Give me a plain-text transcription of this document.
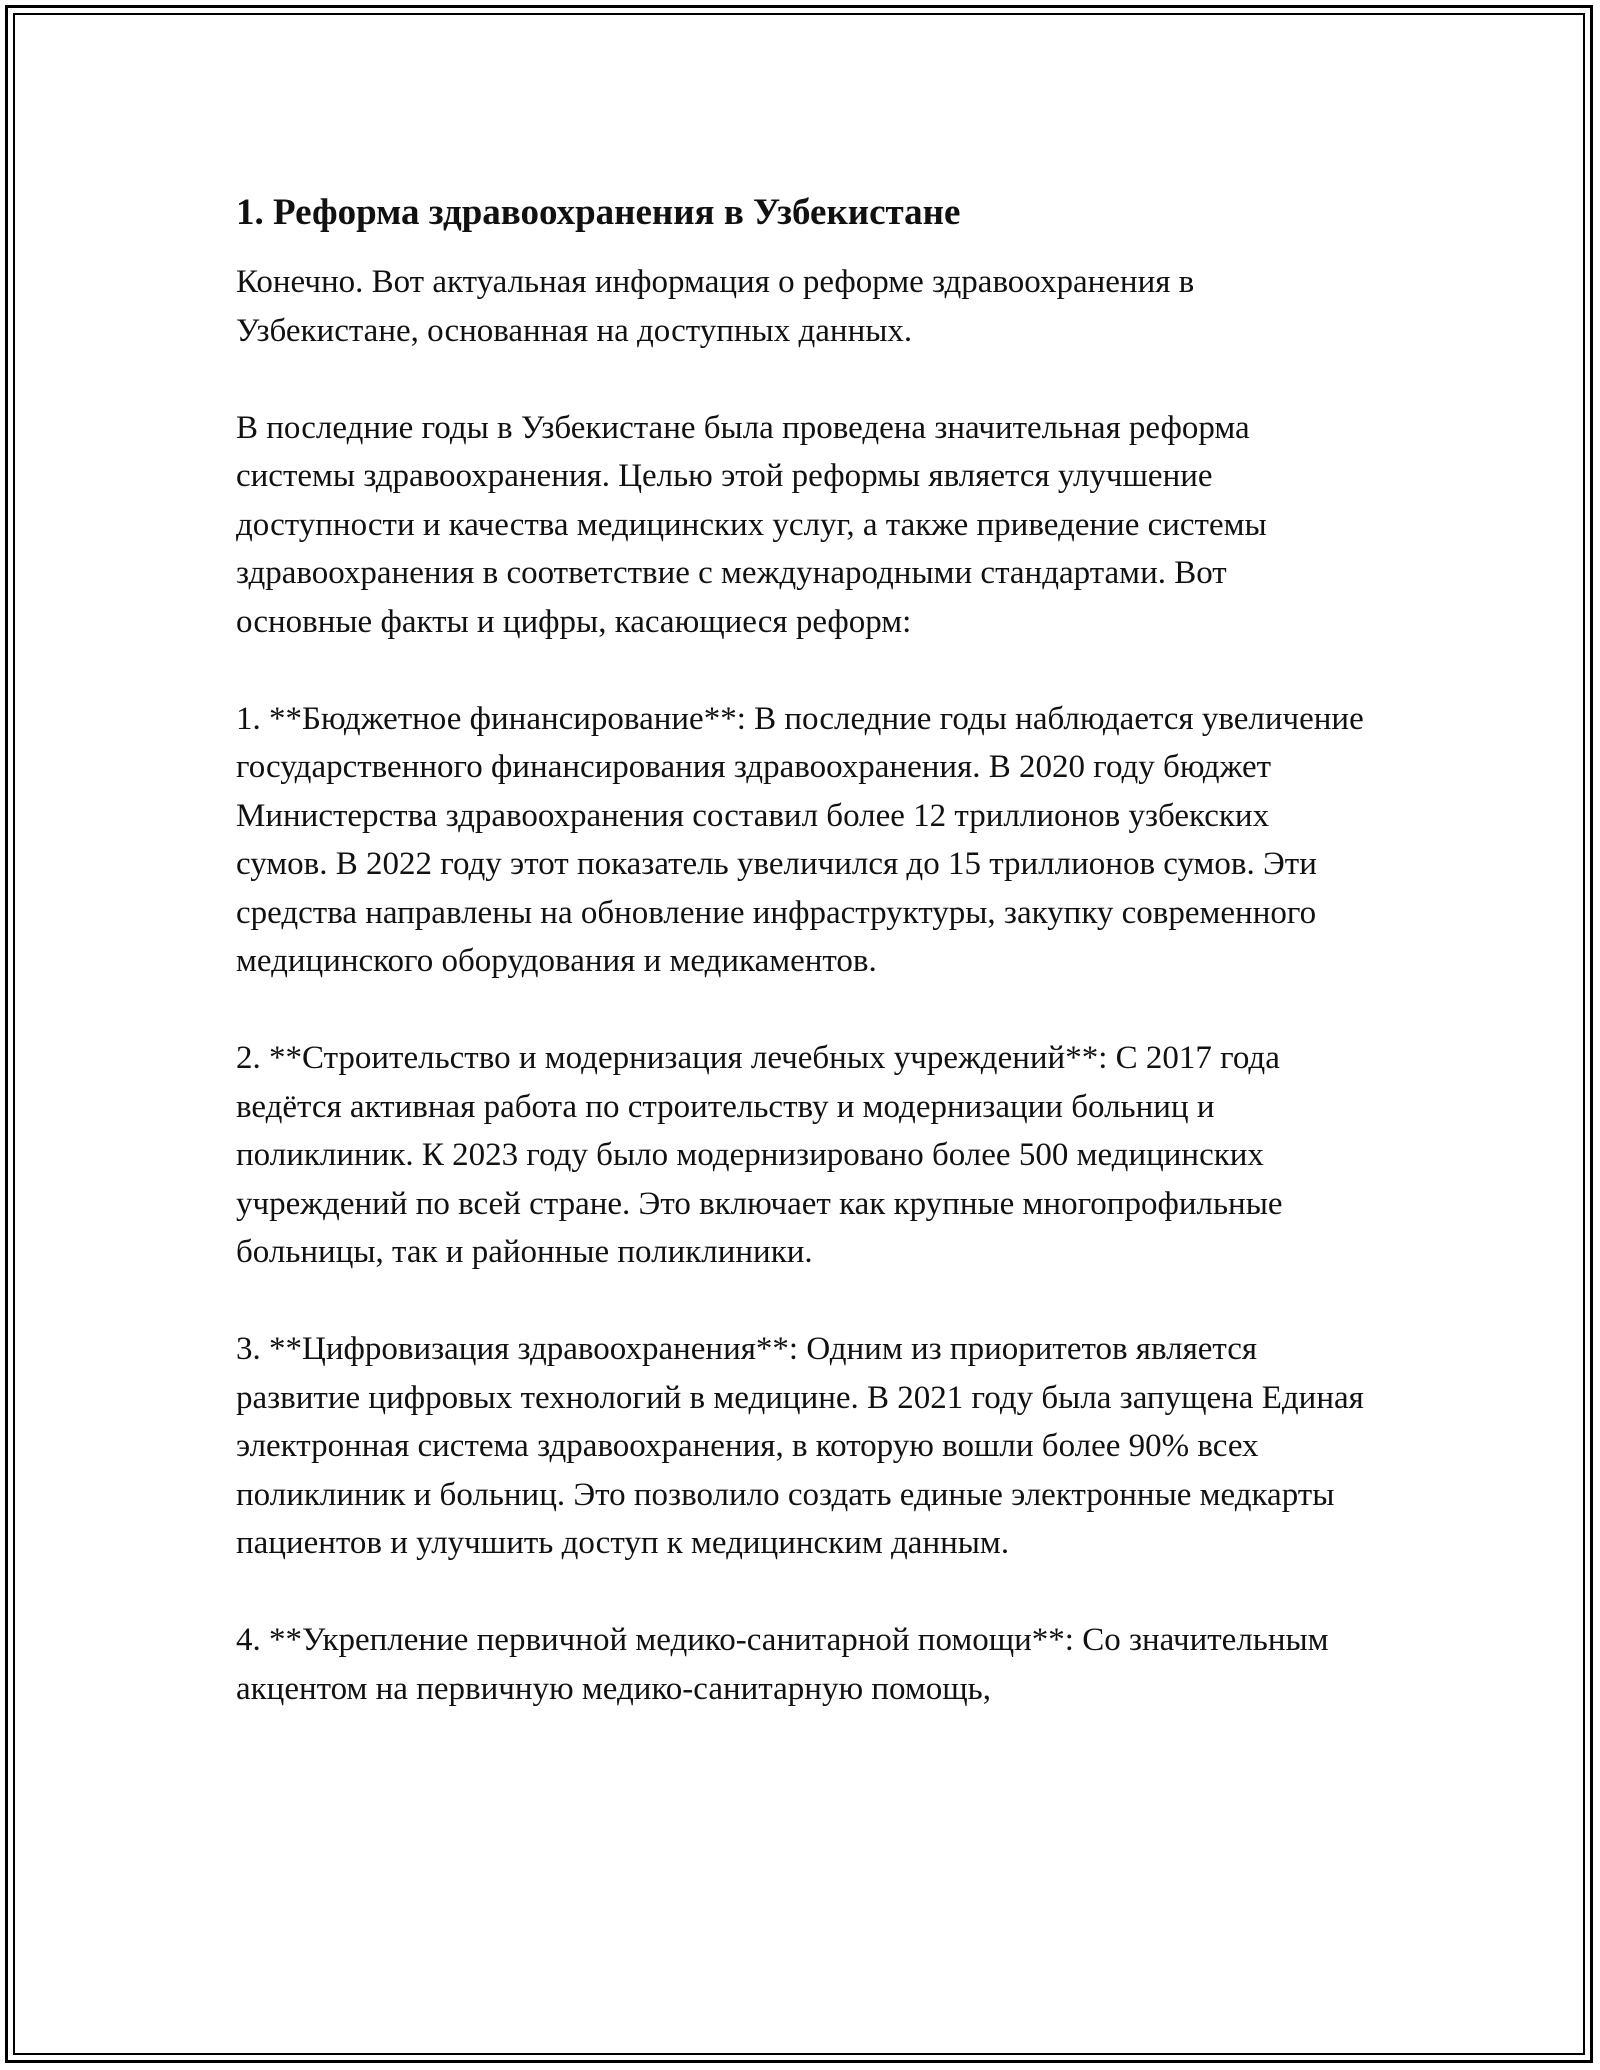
1. Реформа здравоохранения в Узбекистане

Конечно. Вот актуальная информация о реформе здравоохранения в Узбекистане, основанная на доступных данных.

В последние годы в Узбекистане была проведена значительная реформа системы здравоохранения. Целью этой реформы является улучшение доступности и качества медицинских услуг, а также приведение системы здравоохранения в соответствие с международными стандартами. Вот основные факты и цифры, касающиеся реформ:

1. **Бюджетное финансирование**: В последние годы наблюдается увеличение государственного финансирования здравоохранения. В 2020 году бюджет Министерства здравоохранения составил более 12 триллионов узбекских сумов. В 2022 году этот показатель увеличился до 15 триллионов сумов. Эти средства направлены на обновление инфраструктуры, закупку современного медицинского оборудования и медикаментов.

2. **Строительство и модернизация лечебных учреждений**: С 2017 года ведётся активная работа по строительству и модернизации больниц и поликлиник. К 2023 году было модернизировано более 500 медицинских учреждений по всей стране. Это включает как крупные многопрофильные больницы, так и районные поликлиники.

3. **Цифровизация здравоохранения**: Одним из приоритетов является развитие цифровых технологий в медицине. В 2021 году была запущена Единая электронная система здравоохранения, в которую вошли более 90% всех поликлиник и больниц. Это позволило создать единые электронные медкарты пациентов и улучшить доступ к медицинским данным.

4. **Укрепление первичной медико-санитарной помощи**: Со значительным акцентом на первичную медико-санитарную помощь,
